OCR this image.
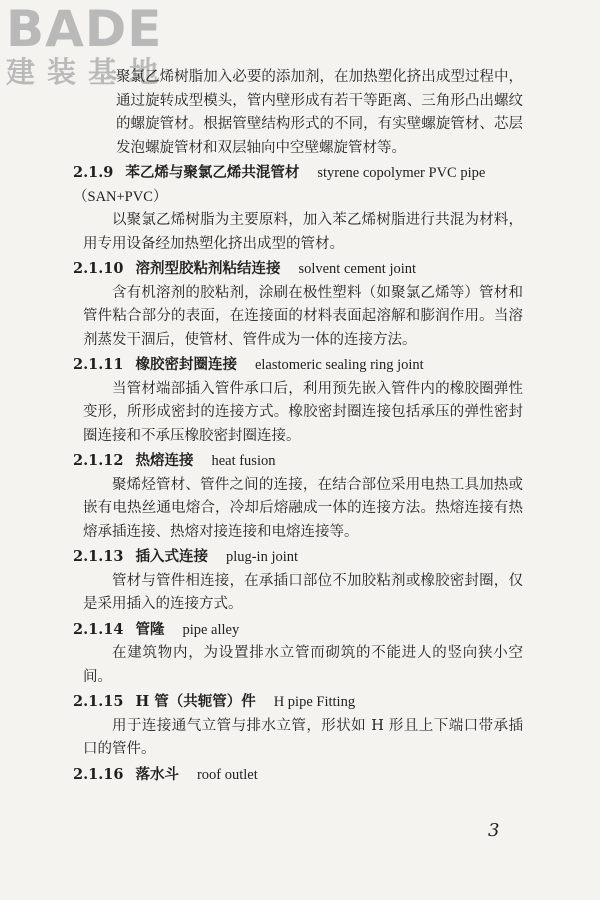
BADE
建装基地

聚氯乙烯树脂加入必要的添加剂，在加热塑化挤出成型过程中，通过旋转成型模头，管内壁形成有若干等距离、三角形凸出螺纹的螺旋管材。根据管壁结构形式的不同，有实壁螺旋管材、芯层发泡螺旋管材和双层轴向中空壁螺旋管材等。

2.1.9 苯乙烯与聚氯乙烯共混管材 styrene copolymer PVC pipe（SAN+PVC）

以聚氯乙烯树脂为主要原料，加入苯乙烯树脂进行共混为材料，用专用设备经加热塑化挤出成型的管材。

2.1.10 溶剂型胶粘剂粘结连接 solvent cement joint

含有机溶剂的胶粘剂，涂刷在极性塑料（如聚氯乙烯等）管材和管件粘合部分的表面，在连接面的材料表面起溶解和膨润作用。当溶剂蒸发干涸后，使管材、管件成为一体的连接方法。

2.1.11 橡胶密封圈连接 elastomeric sealing ring joint

当管材端部插入管件承口后，利用预先嵌入管件内的橡胶圈弹性变形，所形成密封的连接方式。橡胶密封圈连接包括承压的弹性密封圈连接和不承压橡胶密封圈连接。

2.1.12 热熔连接 heat fusion

聚烯烃管材、管件之间的连接，在结合部位采用电热工具加热或嵌有电热丝通电熔合，冷却后熔融成一体的连接方法。热熔连接有热熔承插连接、热熔对接连接和电熔连接等。

2.1.13 插入式连接 plug-in joint

管材与管件相连接，在承插口部位不加胶粘剂或橡胶密封圈，仅是采用插入的连接方式。

2.1.14 管隆 pipe alley

在建筑物内，为设置排水立管而砌筑的不能进人的竖向狭小空间。

2.1.15 H 管（共轭管）件 H pipe Fitting

用于连接通气立管与排水立管，形状如 H 形且上下端口带承插口的管件。

2.1.16 落水斗 roof outlet
3
